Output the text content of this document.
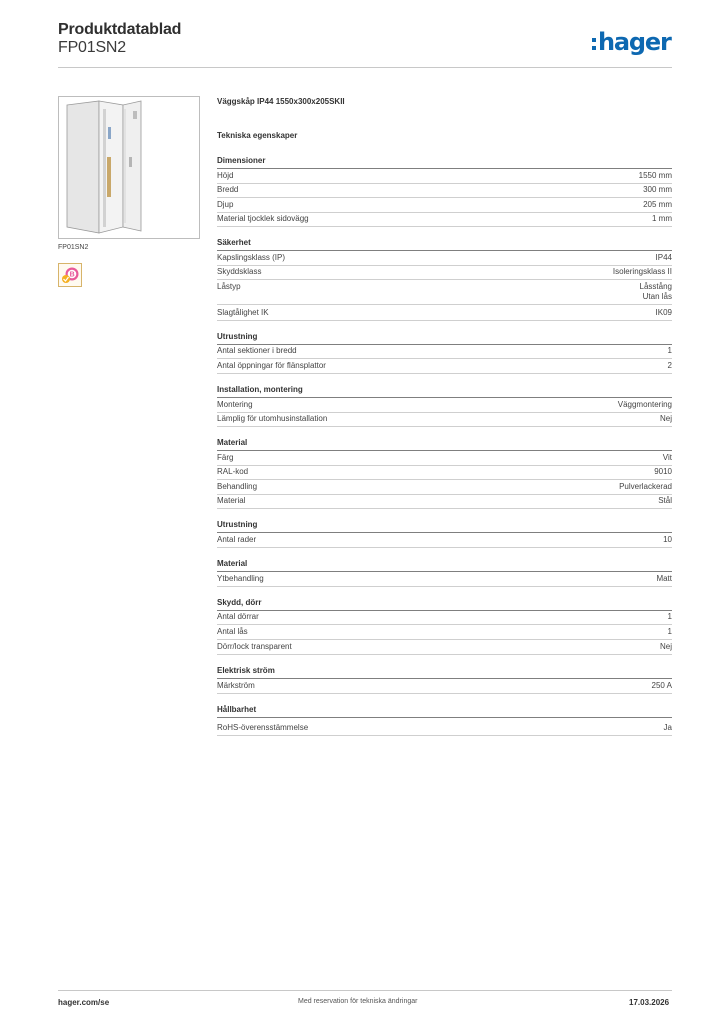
Produktdatablad
FP01SN2	hager
FP01SN2
B
Väggskåp IP44 1550x300x205SKII
Tekniska egenskaper
Dimensioner
Höjd	1550 mm
Bredd	300 mm
Djup	205 mm
Material tjocklek sidovägg	1 mm
Säkerhet
Kapslingsklass (IP)	IP44
Skyddsklass	Isoleringsklass II
Låstyp	Låsstång
Utan lås
Slagtålighet IK	IK09
Utrustning
Antal sektioner i bredd	1
Antal öppningar för flänsplattor	2
Installation, montering
Montering	Väggmontering
Lämplig för utomhusinstallation	Nej
Material
Färg	Vit
RAL-kod	9010
Behandling	Pulverlackerad
Material	Stål
Utrustning
Antal rader	10
Material
Ytbehandling	Matt
Skydd, dörr
Antal dörrar	1
Antal lås	1
Dörr/lock transparent	Nej
Elektrisk ström
Märkström	250 A
Hållbarhet
RoHS-överensstämmelse	Ja
hager.com/se	Med reservation för tekniska ändringar	17.03.2026
